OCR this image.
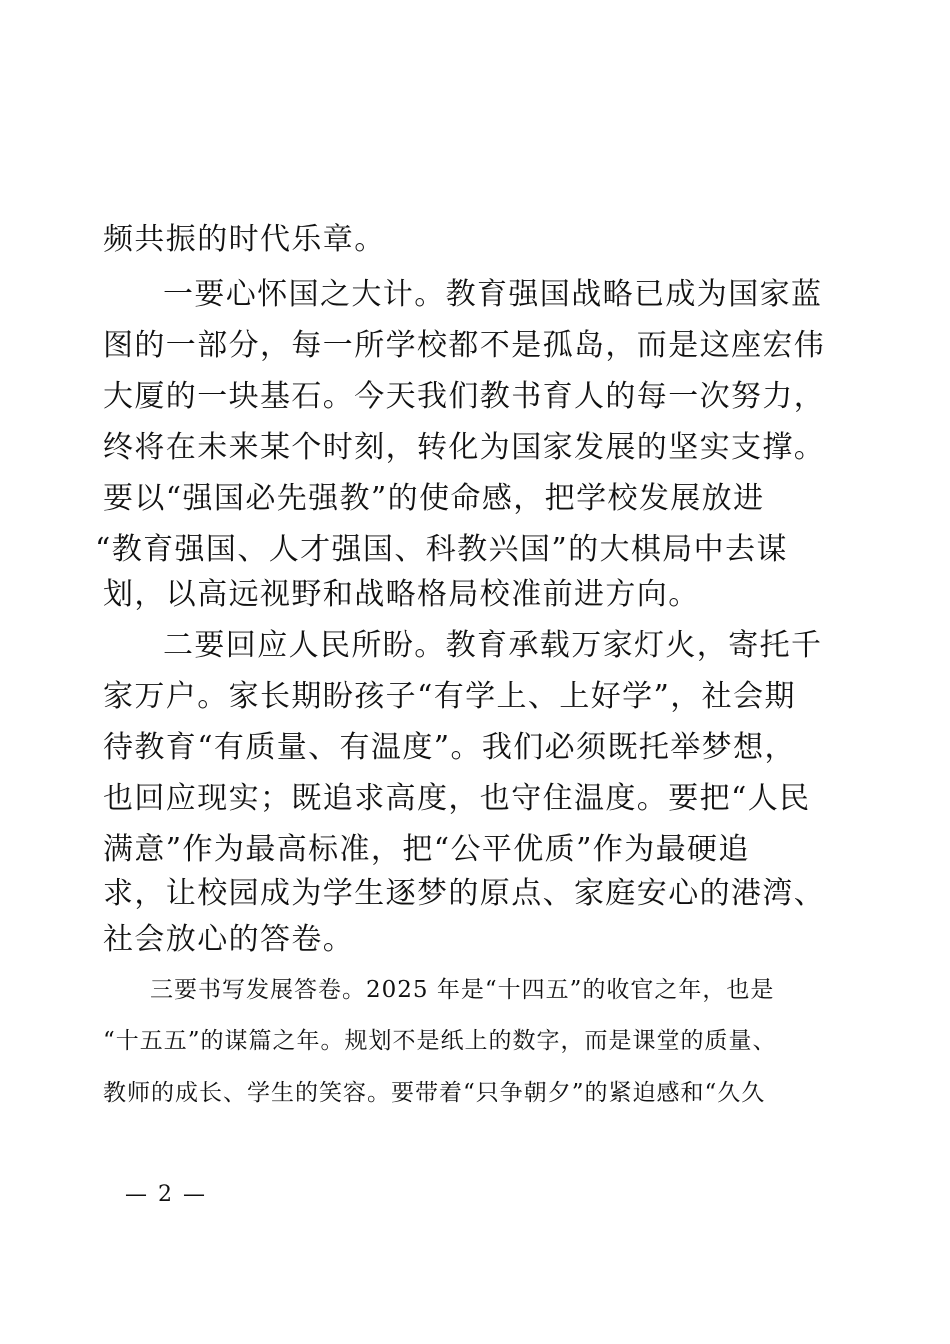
频共振的时代乐章。
一要心怀国之大计。教育强国战略已成为国家蓝
图的一部分，每一所学校都不是孤岛，而是这座宏伟
大厦的一块基石。今天我们教书育人的每一次努力，
终将在未来某个时刻，转化为国家发展的坚实支撑。
要以“强国必先强教”的使命感，把学校发展放进
“教育强国、人才强国、科教兴国”的大棋局中去谋
划，以高远视野和战略格局校准前进方向。
二要回应人民所盼。教育承载万家灯火，寄托千
家万户。家长期盼孩子“有学上、上好学”，社会期
待教育“有质量、有温度”。我们必须既托举梦想，
也回应现实；既追求高度，也守住温度。要把“人民
满意”作为最高标准，把“公平优质”作为最硬追
求，让校园成为学生逐梦的原点、家庭安心的港湾、
社会放心的答卷。
三要书写发展答卷。2025 年是“十四五”的收官之年，也是
“十五五”的谋篇之年。规划不是纸上的数字，而是课堂的质量、
教师的成长、学生的笑容。要带着“只争朝夕”的紧迫感和“久久
— 2 —
